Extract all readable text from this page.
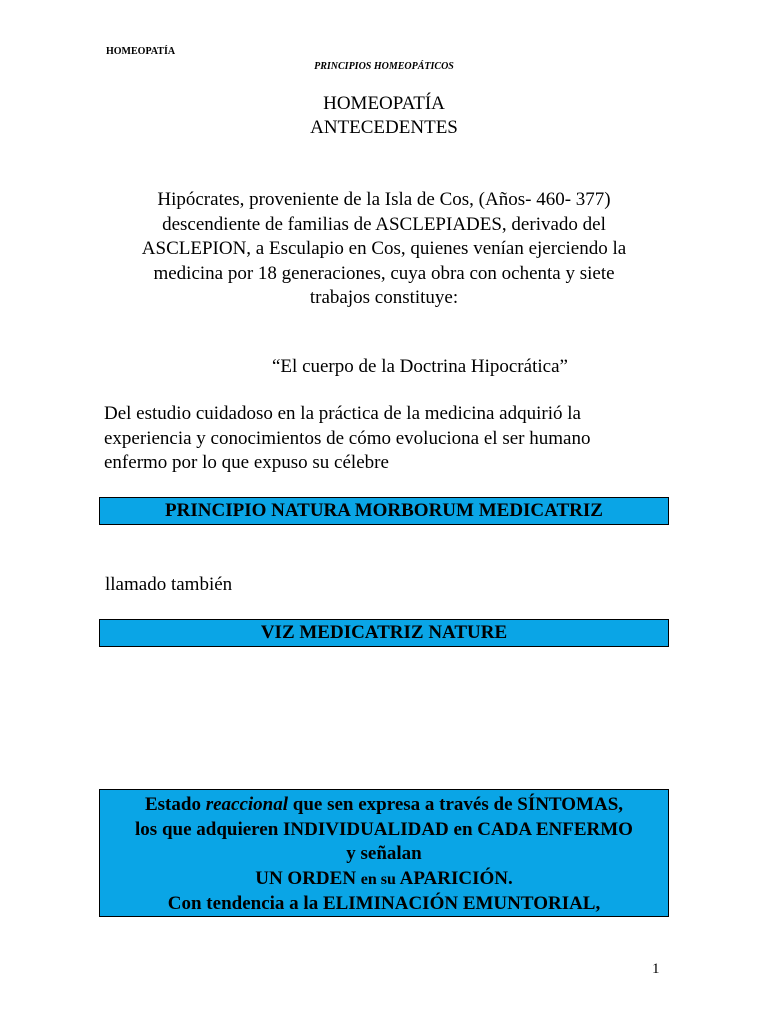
HOMEOPATÍA
PRINCIPIOS HOMEOPÁTICOS
HOMEOPATÍA
ANTECEDENTES
Hipócrates, proveniente de la Isla de Cos, (Años- 460- 377)
descendiente de familias de ASCLEPIADES, derivado del
ASCLEPION, a Esculapio en Cos, quienes venían ejerciendo la
medicina por 18 generaciones, cuya obra con ochenta y siete
trabajos constituye:
“El cuerpo de la Doctrina Hipocrática”
Del estudio cuidadoso en la práctica de la medicina adquirió la
experiencia y conocimientos de cómo evoluciona el ser humano
enfermo por lo que expuso su célebre
PRINCIPIO NATURA MORBORUM MEDICATRIZ
llamado también
VIZ MEDICATRIZ NATURE
Estado reaccional que sen expresa a través de SÍNTOMAS,
los que adquieren INDIVIDUALIDAD en CADA ENFERMO
y señalan
UN ORDEN en su APARICIÓN.
Con tendencia a la ELIMINACIÓN EMUNTORIAL,
1
